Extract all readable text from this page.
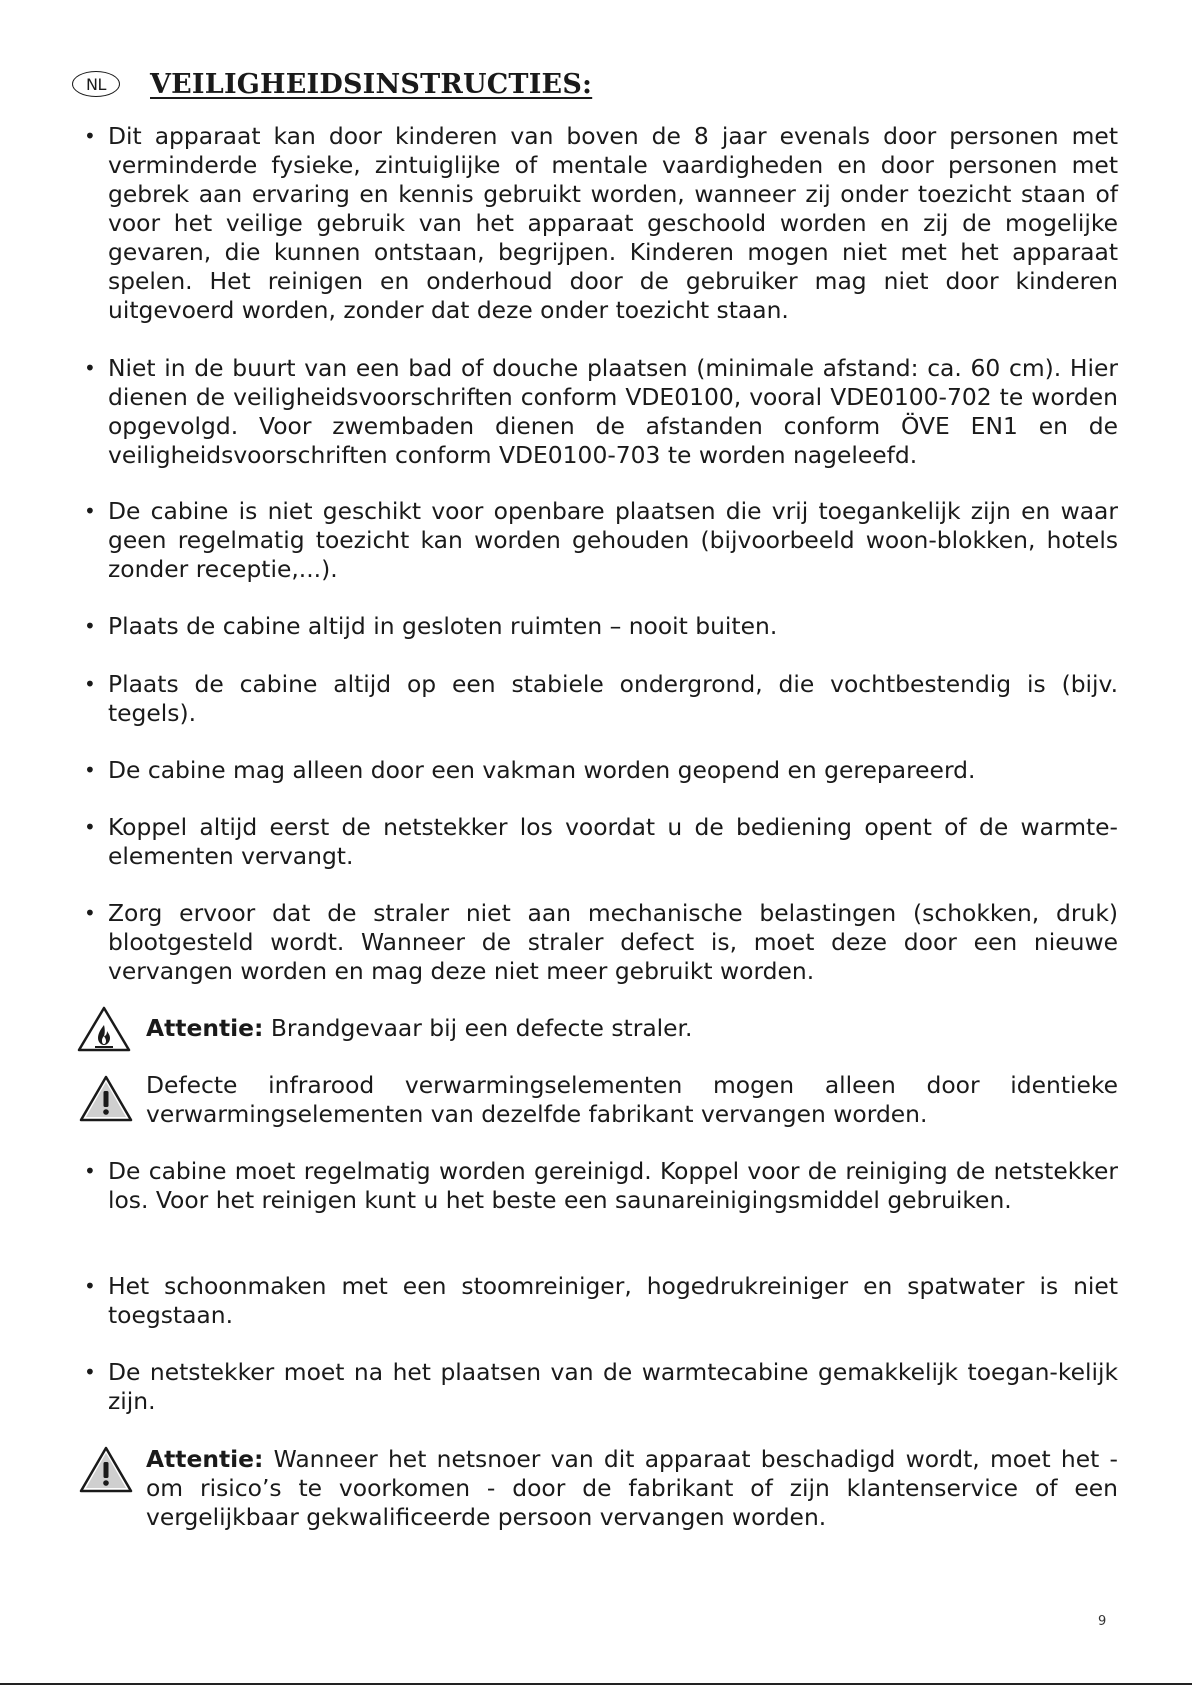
NL	VEILIGHEIDSINSTRUCTIES:
• Dit apparaat kan door kinderen van boven de 8 jaar evenals door personen met verminderde fysieke, zintuiglijke of mentale vaardigheden en door personen met gebrek aan ervaring en kennis gebruikt worden, wanneer zij onder toezicht staan of voor het veilige gebruik van het apparaat geschoold worden en zij de mogelijke gevaren, die kunnen ontstaan, begrijpen. Kinderen mogen niet met het apparaat spelen. Het reinigen en onderhoud door de gebruiker mag niet door kinderen uitgevoerd worden, zonder dat deze onder toezicht staan.
• Niet in de buurt van een bad of douche plaatsen (minimale afstand: ca. 60 cm). Hier dienen de veiligheidsvoorschriften conform VDE0100, vooral VDE0100-702 te worden opgevolgd. Voor zwembaden dienen de afstanden conform ÖVE EN1 en de veiligheidsvoorschriften conform VDE0100-703 te worden nageleefd.
• De cabine is niet geschikt voor openbare plaatsen die vrij toegankelijk zijn en waar geen regelmatig toezicht kan worden gehouden (bijvoorbeeld woon-blokken, hotels zonder receptie,...).
• Plaats de cabine altijd in gesloten ruimten – nooit buiten.
• Plaats de cabine altijd op een stabiele ondergrond, die vochtbestendig is (bijv. tegels).
• De cabine mag alleen door een vakman worden geopend en gerepareerd.
• Koppel altijd eerst de netstekker los voordat u de bediening opent of de warmte-elementen vervangt.
• Zorg ervoor dat de straler niet aan mechanische belastingen (schokken, druk) blootgesteld wordt. Wanneer de straler defect is, moet deze door een nieuwe vervangen worden en mag deze niet meer gebruikt worden.
Attentie: Brandgevaar bij een defecte straler.
Defecte infrarood verwarmingselementen mogen alleen door identieke verwarmingselementen van dezelfde fabrikant vervangen worden.
• De cabine moet regelmatig worden gereinigd. Koppel voor de reiniging de netstekker los. Voor het reinigen kunt u het beste een saunareinigingsmiddel gebruiken.
• Het schoonmaken met een stoomreiniger, hogedrukreiniger en spatwater is niet toegstaan.
• De netstekker moet na het plaatsen van de warmtecabine gemakkelijk toegan-kelijk zijn.
Attentie: Wanneer het netsnoer van dit apparaat beschadigd wordt, moet het - om risico’s te voorkomen - door de fabrikant of zijn klantenservice of een vergelijkbaar gekwalificeerde persoon vervangen worden.
9
